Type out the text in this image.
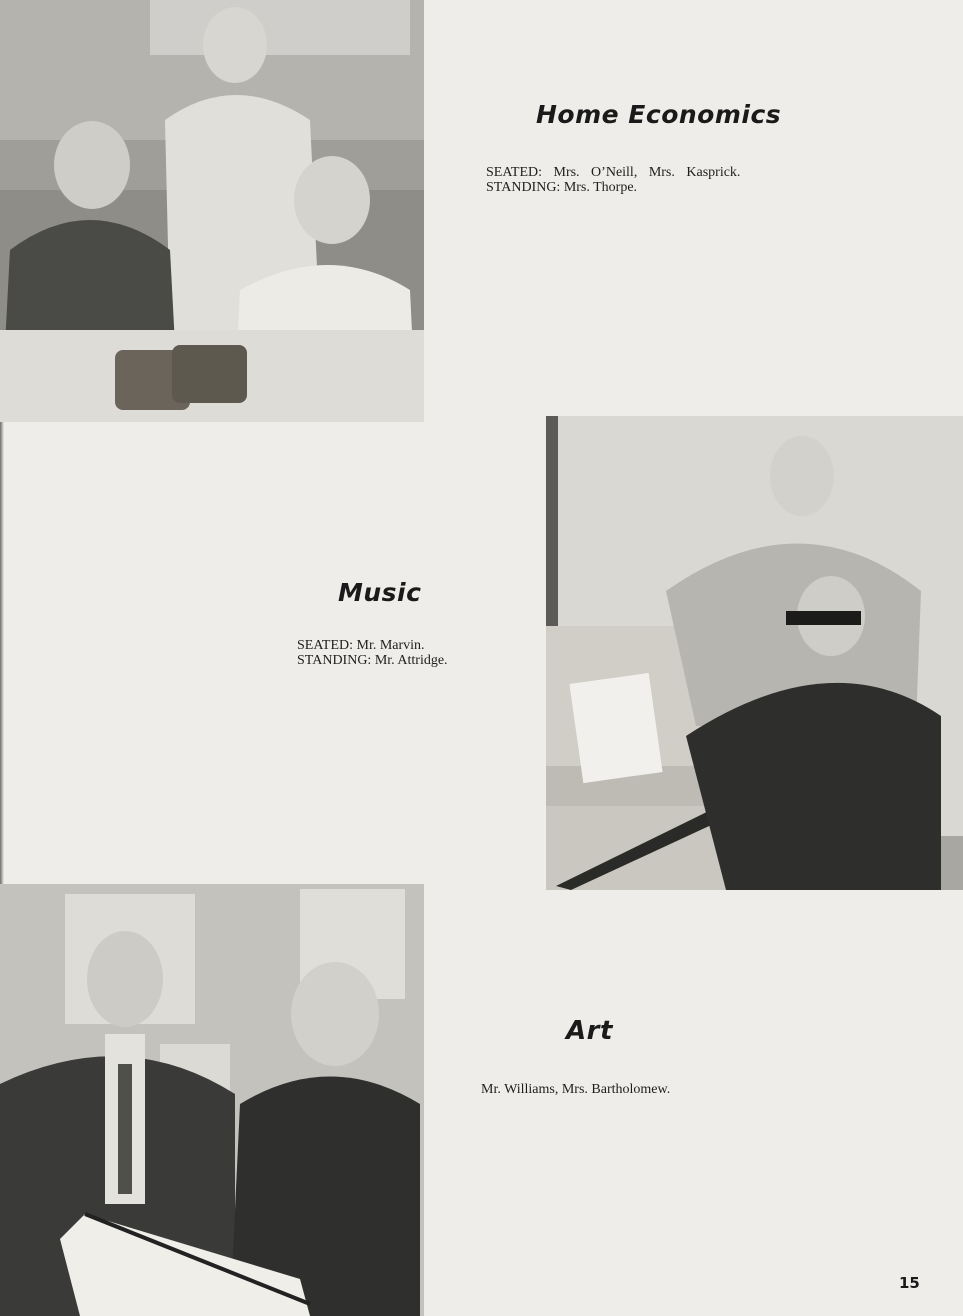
Home Economics
SEATED: Mrs. O’Neill, Mrs. Kasprick.
STANDING: Mrs. Thorpe.
Music
SEATED: Mr. Marvin.
STANDING: Mr. Attridge.
Art
Mr. Williams, Mrs. Bartholomew.
15
